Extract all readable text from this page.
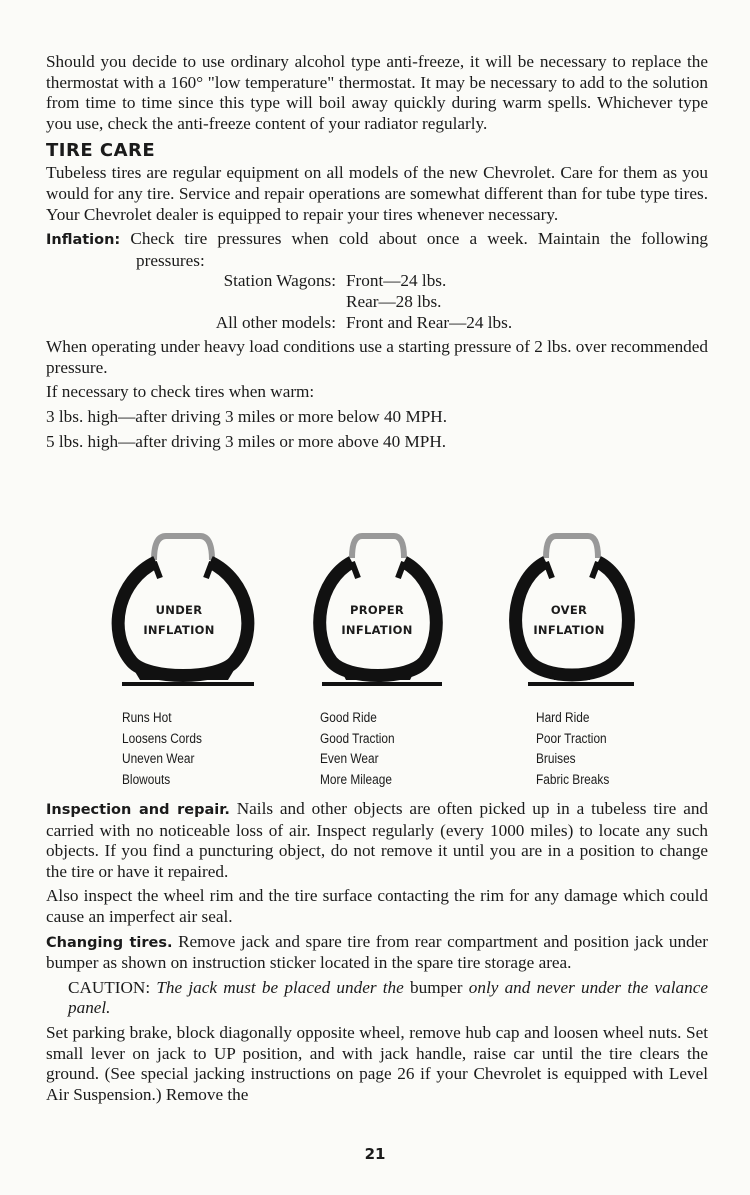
Should you decide to use ordinary alcohol type anti-freeze, it will be necessary to replace the thermostat with a 160° "low temperature" thermostat. It may be necessary to add to the solution from time to time since this type will boil away quickly during warm spells. Whichever type you use, check the anti-freeze content of your radiator regularly.

TIRE CARE

Tubeless tires are regular equipment on all models of the new Chevrolet. Care for them as you would for any tire. Service and repair operations are somewhat different than for tube type tires. Your Chevrolet dealer is equipped to repair your tires whenever necessary.

Inflation: Check tire pressures when cold about once a week. Maintain the following pressures:

Station Wagons: Front—24 lbs.
Rear—28 lbs.
All other models: Front and Rear—24 lbs.

When operating under heavy load conditions use a starting pressure of 2 lbs. over recommended pressure.

If necessary to check tires when warm:

3 lbs. high—after driving 3 miles or more below 40 MPH.

5 lbs. high—after driving 3 miles or more above 40 MPH.

UNDER
INFLATION
Runs Hot
Loosens Cords
Uneven Wear
Blowouts
PROPER
INFLATION
Good Ride
Good Traction
Even Wear
More Mileage
OVER
INFLATION
Hard Ride
Poor Traction
Bruises
Fabric Breaks

Inspection and repair. Nails and other objects are often picked up in a tubeless tire and carried with no noticeable loss of air. Inspect regularly (every 1000 miles) to locate any such objects. If you find a puncturing object, do not remove it until you are in a position to change the tire or have it repaired.

Also inspect the wheel rim and the tire surface contacting the rim for any damage which could cause an imperfect air seal.

Changing tires. Remove jack and spare tire from rear compartment and position jack under bumper as shown on instruction sticker located in the spare tire storage area.

CAUTION: The jack must be placed under the bumper only and never under the valance panel.

Set parking brake, block diagonally opposite wheel, remove hub cap and loosen wheel nuts. Set small lever on jack to UP position, and with jack handle, raise car until the tire clears the ground. (See special jacking instructions on page 26 if your Chevrolet is equipped with Level Air Suspension.) Remove the

21
